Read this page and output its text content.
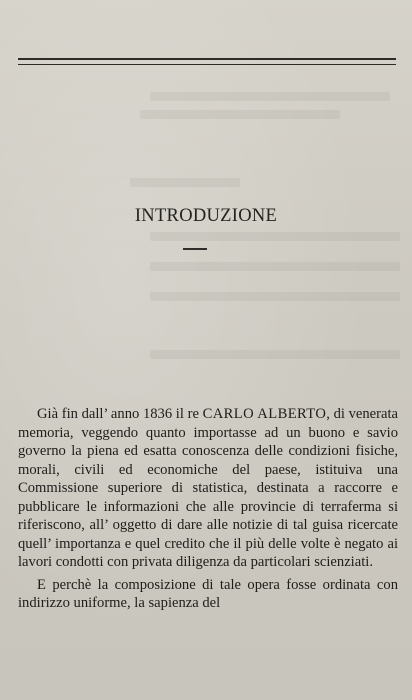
INTRODUZIONE

Già fin dall’ anno 1836 il re CARLO ALBERTO, di venerata memoria, veggendo quanto importasse ad un buono e savio governo la piena ed esatta conoscenza delle condizioni fisiche, morali, civili ed economiche del paese, istituiva una Commissione superiore di statistica, destinata a raccorre e pubblicare le informazioni che alle provincie di terraferma si riferiscono, all’ oggetto di dare alle notizie di tal guisa ricercate quell’ importanza e quel credito che il più delle volte è negato ai lavori condotti con privata diligenza da particolari scienziati.

E perchè la composizione di tale opera fosse ordinata con indirizzo uniforme, la sapienza del
